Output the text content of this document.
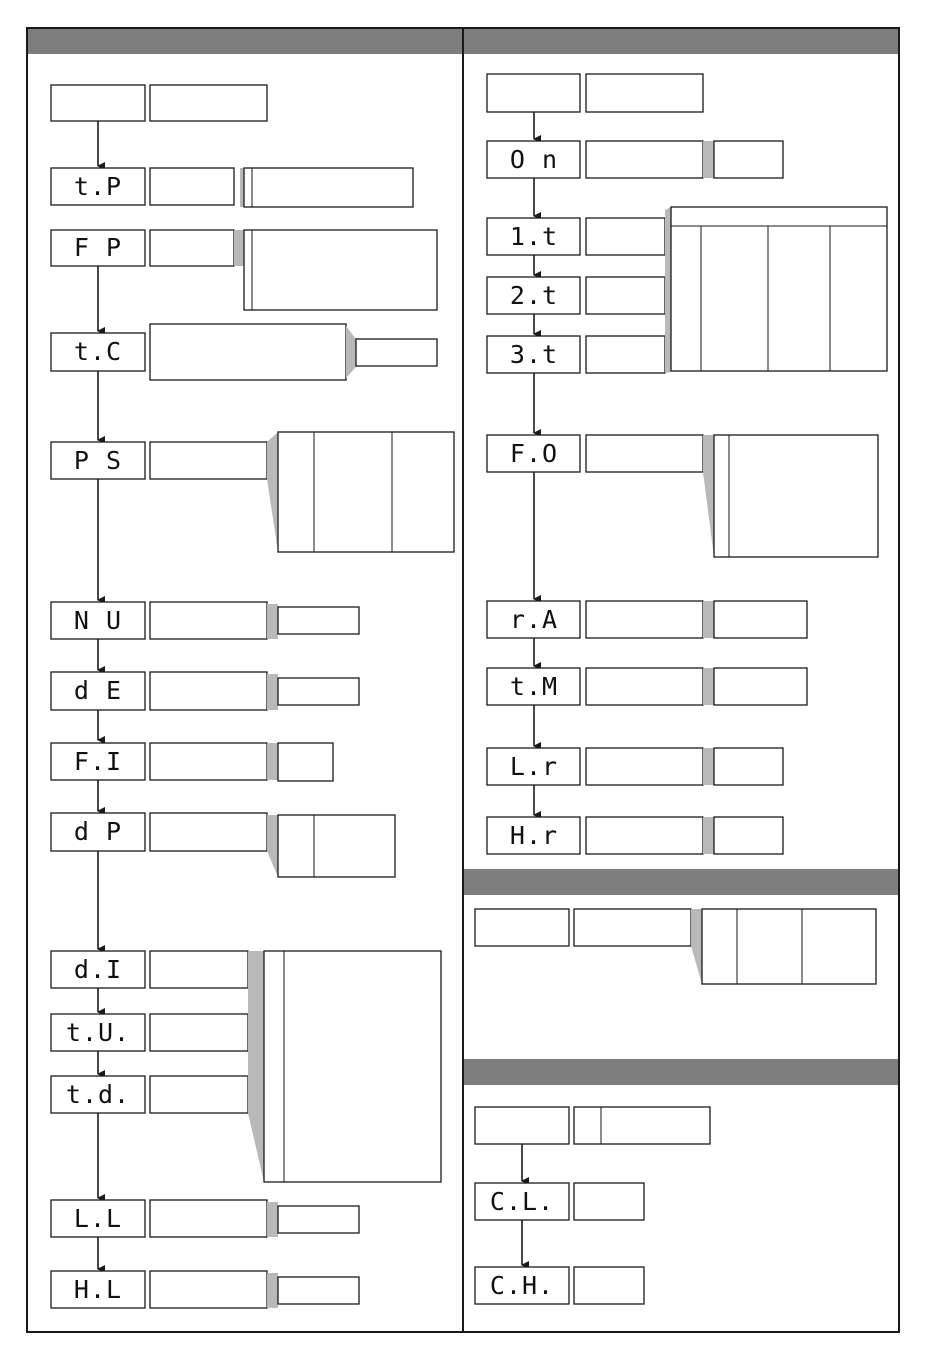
t.P
F P
t.C
P S
N U
d E
F.I
d P
d.I
t.U.
t.d.
L.L
H.L
O n
1.t
2.t
3.t
F.O
r.A
t.M
L.r
H.r
C.L.
C.H.
